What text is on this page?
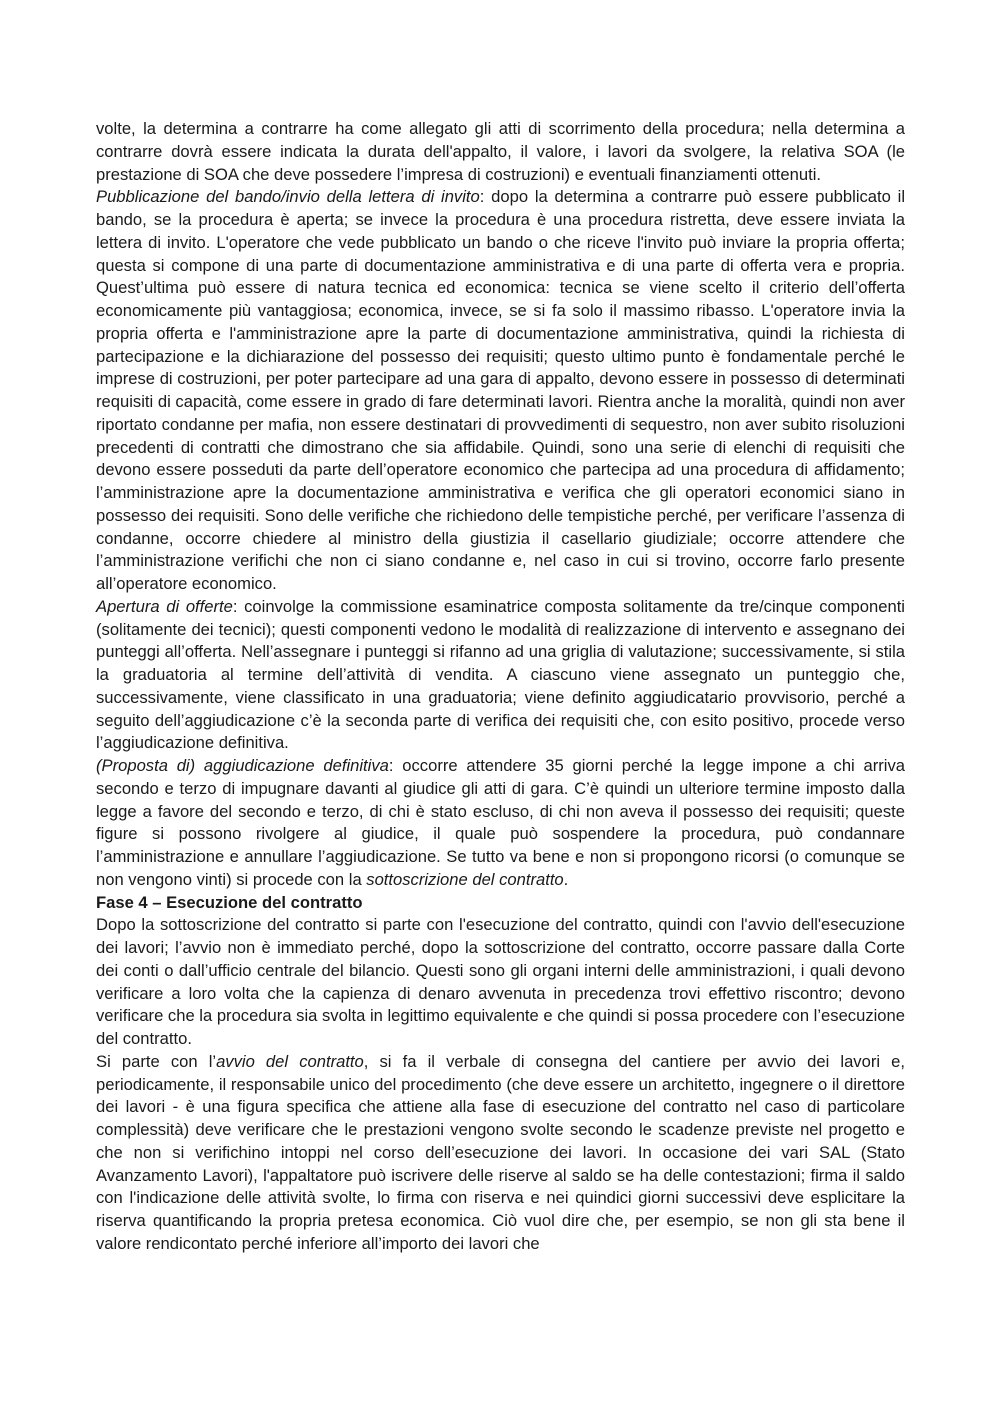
volte, la determina a contrarre ha come allegato gli atti di scorrimento della procedura; nella determina a contrarre dovrà essere indicata la durata dell'appalto, il valore, i lavori da svolgere, la relativa SOA (le prestazione di SOA che deve possedere l’impresa di costruzioni) e eventuali finanziamenti ottenuti.

Pubblicazione del bando/invio della lettera di invito: dopo la determina a contrarre può essere pubblicato il bando, se la procedura è aperta; se invece la procedura è una procedura ristretta, deve essere inviata la lettera di invito. L'operatore che vede pubblicato un bando o che riceve l'invito può inviare la propria offerta; questa si compone di una parte di documentazione amministrativa e di una parte di offerta vera e propria. Quest’ultima può essere di natura tecnica ed economica: tecnica se viene scelto il criterio dell’offerta economicamente più vantaggiosa; economica, invece, se si fa solo il massimo ribasso. L'operatore invia la propria offerta e l'amministrazione apre la parte di documentazione amministrativa, quindi la richiesta di partecipazione e la dichiarazione del possesso dei requisiti; questo ultimo punto è fondamentale perché le imprese di costruzioni, per poter partecipare ad una gara di appalto, devono essere in possesso di determinati requisiti di capacità, come essere in grado di fare determinati lavori. Rientra anche la moralità, quindi non aver riportato condanne per mafia, non essere destinatari di provvedimenti di sequestro, non aver subito risoluzioni precedenti di contratti che dimostrano che sia affidabile. Quindi, sono una serie di elenchi di requisiti che devono essere posseduti da parte dell’operatore economico che partecipa ad una procedura di affidamento; l’amministrazione apre la documentazione amministrativa e verifica che gli operatori economici siano in possesso dei requisiti. Sono delle verifiche che richiedono delle tempistiche perché, per verificare l’assenza di condanne, occorre chiedere al ministro della giustizia il casellario giudiziale; occorre attendere che l’amministrazione verifichi che non ci siano condanne e, nel caso in cui si trovino, occorre farlo presente all’operatore economico.

Apertura di offerte: coinvolge la commissione esaminatrice composta solitamente da tre/cinque componenti (solitamente dei tecnici); questi componenti vedono le modalità di realizzazione di intervento e assegnano dei punteggi all’offerta. Nell’assegnare i punteggi si rifanno ad una griglia di valutazione; successivamente, si stila la graduatoria al termine dell’attività di vendita. A ciascuno viene assegnato un punteggio che, successivamente, viene classificato in una graduatoria; viene definito aggiudicatario provvisorio, perché a seguito dell’aggiudicazione c’è la seconda parte di verifica dei requisiti che, con esito positivo, procede verso l’aggiudicazione definitiva.

(Proposta di) aggiudicazione definitiva: occorre attendere 35 giorni perché la legge impone a chi arriva secondo e terzo di impugnare davanti al giudice gli atti di gara. C’è quindi un ulteriore termine imposto dalla legge a favore del secondo e terzo, di chi è stato escluso, di chi non aveva il possesso dei requisiti; queste figure si possono rivolgere al giudice, il quale può sospendere la procedura, può condannare l’amministrazione e annullare l’aggiudicazione. Se tutto va bene e non si propongono ricorsi (o comunque se non vengono vinti) si procede con la sottoscrizione del contratto.

Fase 4 – Esecuzione del contratto

Dopo la sottoscrizione del contratto si parte con l'esecuzione del contratto, quindi con l'avvio dell'esecuzione dei lavori; l’avvio non è immediato perché, dopo la sottoscrizione del contratto, occorre passare dalla Corte dei conti o dall’ufficio centrale del bilancio. Questi sono gli organi interni delle amministrazioni, i quali devono verificare a loro volta che la capienza di denaro avvenuta in precedenza trovi effettivo riscontro; devono verificare che la procedura sia svolta in legittimo equivalente e che quindi si possa procedere con l’esecuzione del contratto.

Si parte con l’avvio del contratto, si fa il verbale di consegna del cantiere per avvio dei lavori e, periodicamente, il responsabile unico del procedimento (che deve essere un architetto, ingegnere o il direttore dei lavori - è una figura specifica che attiene alla fase di esecuzione del contratto nel caso di particolare complessità) deve verificare che le prestazioni vengono svolte secondo le scadenze previste nel progetto e che non si verifichino intoppi nel corso dell’esecuzione dei lavori. In occasione dei vari SAL (Stato Avanzamento Lavori), l'appaltatore può iscrivere delle riserve al saldo se ha delle contestazioni; firma il saldo con l'indicazione delle attività svolte, lo firma con riserva e nei quindici giorni successivi deve esplicitare la riserva quantificando la propria pretesa economica. Ciò vuol dire che, per esempio, se non gli sta bene il valore rendicontato perché inferiore all’importo dei lavori che
